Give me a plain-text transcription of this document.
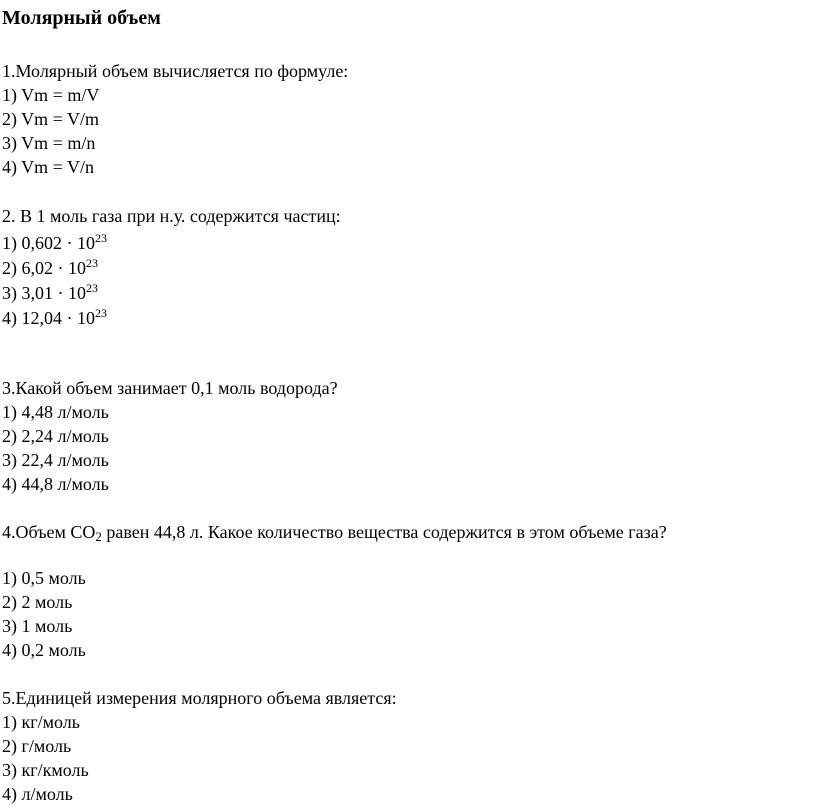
Молярный объем
1.Молярный объем вычисляется по формуле:
1) Vm = m/V
2) Vm = V/m
3) Vm = m/n
4) Vm = V/n
2. В 1 моль газа при н.у. содержится частиц:
1) $0,602 \cdot 10^{23}$
2) $6,02 \cdot 10^{23}$
3) $3,01 \cdot 10^{23}$
4) $12,04 \cdot 10^{23}$
3.Какой объем занимает 0,1 моль водорода?
1) 4,48 л/моль
2) 2,24 л/моль
3) 22,4 л/моль
4) 44,8 л/моль
4.Объем $СО_2$ равен 44,8 л. Какое количество вещества содержится в этом объеме газа?
1) 0,5 моль
2) 2 моль
3) 1 моль
4) 0,2 моль
5.Единицей измерения молярного объема является:
1) кг/моль
2) г/моль
3) кг/кмоль
4) л/моль
